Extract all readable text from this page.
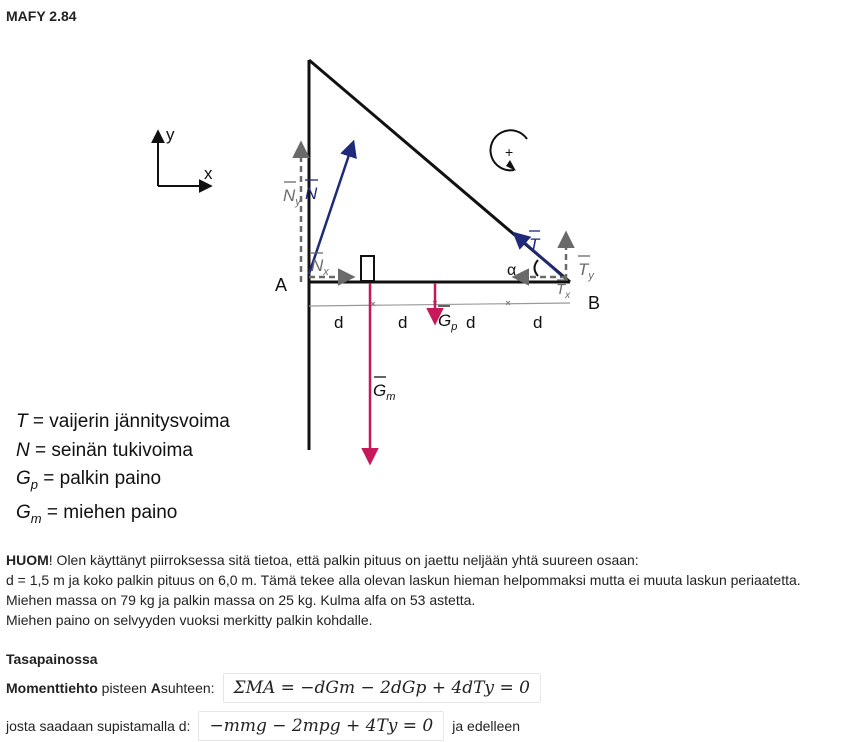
MAFY 2.84
y
x
+
d	d	d	d
A
B
α
$N_y$ N
$N_x$
T
$T_y$
$T_x$
$G_p$
$G_m$
T = vaijerin jännitysvoima
N = seinän tukivoima
$G_p$ = palkin paino
$G_m$ = miehen paino

HUOM! Olen käyttänyt piirroksessa sitä tietoa, että palkin pituus on jaettu neljään yhtä suureen osaan:

d = 1,5 m ja koko palkin pituus on 6,0 m. Tämä tekee alla olevan laskun hieman helpommaksi mutta ei muuta laskun periaatetta.

Miehen massa on 79 kg ja palkin massa on 25 kg. Kulma alfa on 53 astetta.

Miehen paino on selvyyden vuoksi merkitty palkin kohdalle.

Tasapainossa
Momenttiehto pisteen A suhteen:	ΣMA = −dGm − 2dGp + 4dTy = 0
josta saadaan supistamalla d:	−mmg − 2mpg + 4Ty = 0	ja edelleen
